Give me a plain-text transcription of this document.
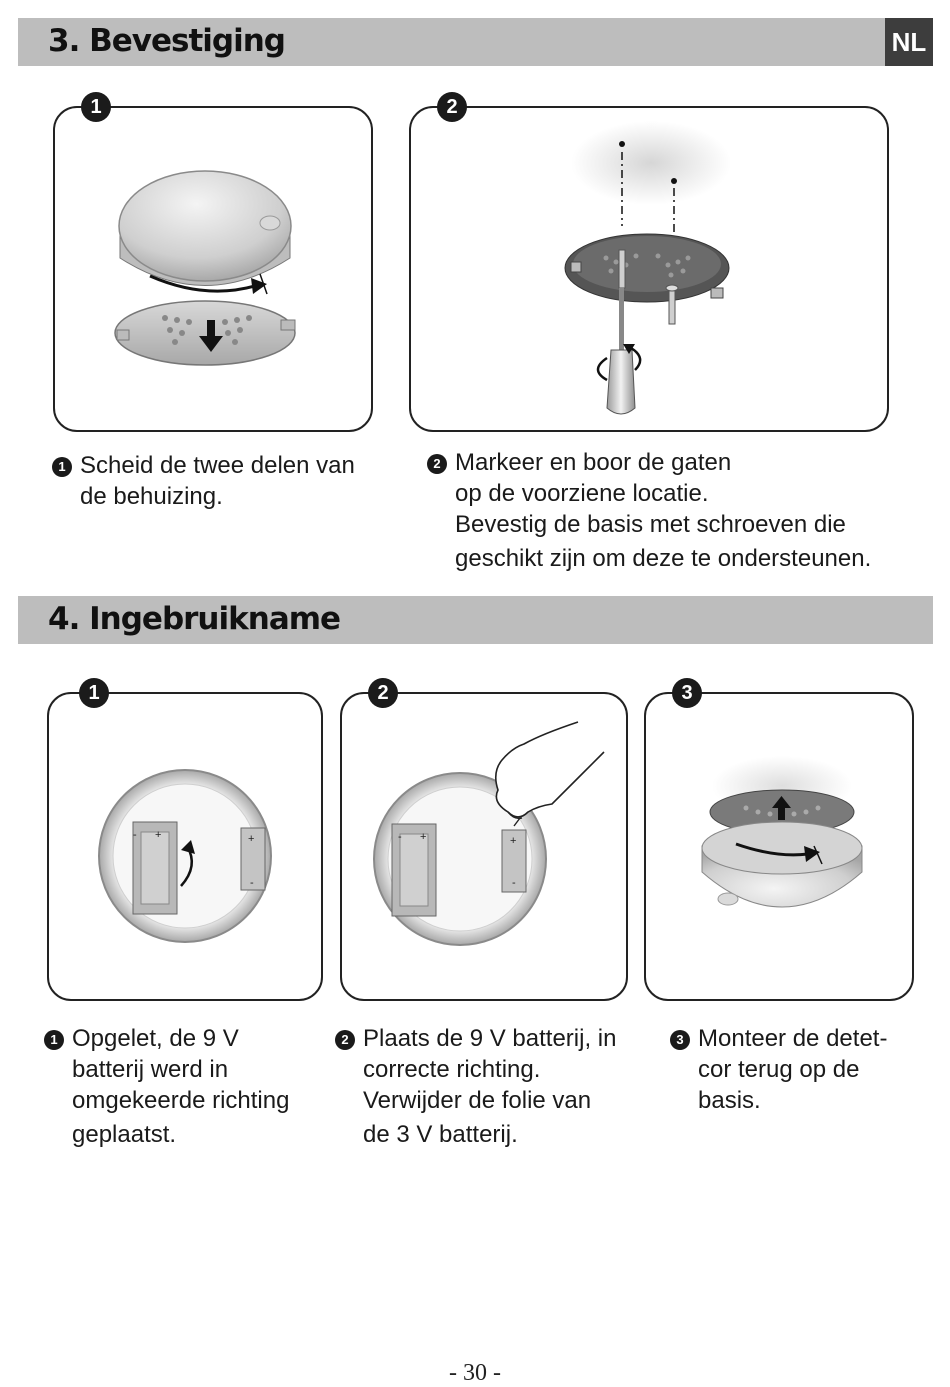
3. Bevestiging	NL
1	2
1 Scheid de twee delen van
de behuizing.
2 Markeer en boor de gaten
op de voorziene locatie.
Bevestig de basis met schroeven die
geschikt zijn om deze te ondersteunen.
4. Ingebruikname
- +	+
-
1
- +	+
-
2	3
1 Opgelet, de 9 V
batterij werd in
omgekeerde richting
geplaatst.
2 Plaats de 9 V batterij, in
correcte richting.
Verwijder de folie van
de 3 V batterij.
3 Monteer de detet-
cor terug op de
basis.
- 30 -
